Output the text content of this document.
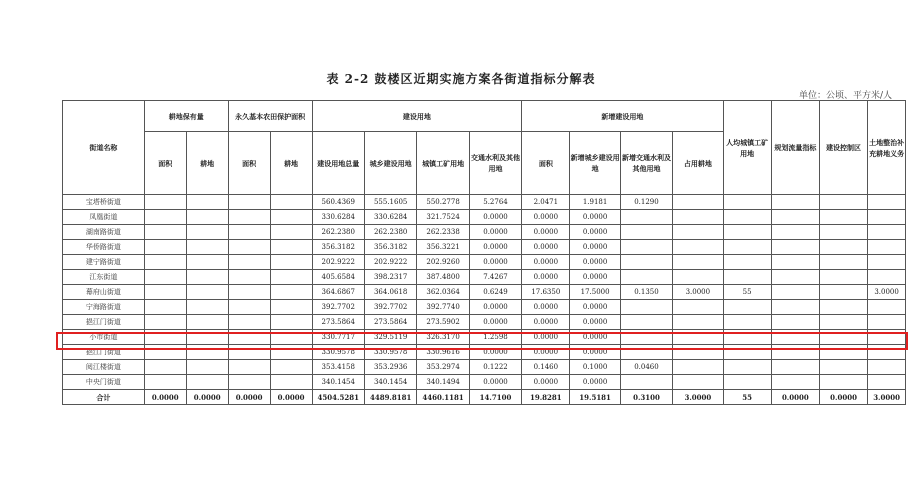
表 2-2 鼓楼区近期实施方案各街道指标分解表
单位：公顷、平方米/人
街道名称	耕地保有量		永久基本农田保护面积		建设用地				新增建设用地				人均城镇工矿用地	规划流量指标	建设控制区	土地整治补充耕地义务
	面积	耕地	面积	耕地	建设用地总量	城乡建设用地	城镇工矿用地	交通水利及其他用地	面积	新增城乡建设用地	新增交通水利及其他用地	占用耕地				
宝塔桥街道					560.4369	555.1605	550.2778	5.2764	2.0471	1.9181	0.1290					
凤凰街道					330.6284	330.6284	321.7524	0.0000	0.0000	0.0000						
湖南路街道					262.2380	262.2380	262.2338	0.0000	0.0000	0.0000						
华侨路街道					356.3182	356.3182	356.3221	0.0000	0.0000	0.0000						
建宁路街道					202.9222	202.9222	202.9260	0.0000	0.0000	0.0000						
江东街道					405.6584	398.2317	387.4800	7.4267	0.0000	0.0000						
幕府山街道					364.6867	364.0618	362.0364	0.6249	17.6350	17.5000	0.1350	3.0000	55			3.0000
宁海路街道					392.7702	392.7702	392.7740	0.0000	0.0000	0.0000						
挹江门街道					273.5864	273.5864	273.5902	0.0000	0.0000	0.0000						
小市街道					330.7717	329.5119	326.3170	1.2598	0.0000	0.0000						
挹江门街道					330.9578	330.9578	330.9616	0.0000	0.0000	0.0000						
阅江楼街道					353.4158	353.2936	353.2974	0.1222	0.1460	0.1000	0.0460					
中央门街道					340.1454	340.1454	340.1494	0.0000	0.0000	0.0000						
合计	0.0000	0.0000	0.0000	0.0000	4504.5281	4489.8181	4460.1181	14.7100	19.8281	19.5181	0.3100	3.0000	55	0.0000	0.0000	3.0000
